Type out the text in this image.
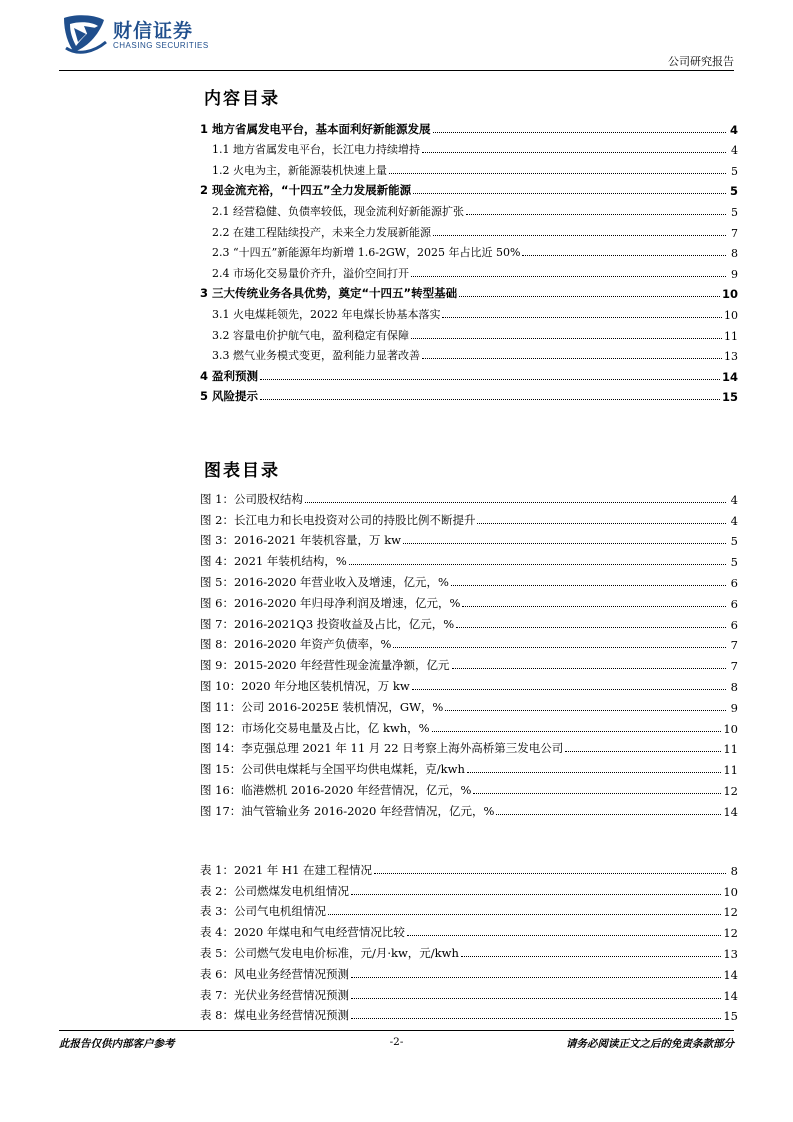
财信证券
CHASING SECURITIES
公司研究报告
内容目录
1 地方省属发电平台，基本面利好新能源发展	4
1.1 地方省属发电平台，长江电力持续增持	4
1.2 火电为主，新能源装机快速上量	5
2 现金流充裕，“十四五”全力发展新能源	5
2.1 经营稳健、负债率较低，现金流利好新能源扩张	5
2.2 在建工程陆续投产，未来全力发展新能源	7
2.3 “十四五”新能源年均新增 1.6-2GW，2025 年占比近 50%	8
2.4 市场化交易量价齐升，溢价空间打开	9
3 三大传统业务各具优势，奠定“十四五”转型基础	10
3.1 火电煤耗领先，2022 年电煤长协基本落实	10
3.2 容量电价护航气电，盈利稳定有保障	11
3.3 燃气业务模式变更，盈利能力显著改善	13
4 盈利预测	14
5 风险提示	15
图表目录
图 1：公司股权结构	4
图 2：长江电力和长电投资对公司的持股比例不断提升	4
图 3：2016-2021 年装机容量，万 kw	5
图 4：2021 年装机结构，%	5
图 5：2016-2020 年营业收入及增速，亿元，%	6
图 6：2016-2020 年归母净利润及增速，亿元，%	6
图 7：2016-2021Q3 投资收益及占比，亿元，%	6
图 8：2016-2020 年资产负债率，%	7
图 9：2015-2020 年经营性现金流量净额，亿元	7
图 10：2020 年分地区装机情况，万 kw	8
图 11：公司 2016-2025E 装机情况，GW，%	9
图 12：市场化交易电量及占比，亿 kwh，%	10
图 14：李克强总理 2021 年 11 月 22 日考察上海外高桥第三发电公司	11
图 15：公司供电煤耗与全国平均供电煤耗，克/kwh	11
图 16：临港燃机 2016-2020 年经营情况，亿元，%	12
图 17：油气管输业务 2016-2020 年经营情况，亿元，%	14
表 1：2021 年 H1 在建工程情况	8
表 2：公司燃煤发电机组情况	10
表 3：公司气电机组情况	12
表 4：2020 年煤电和气电经营情况比较	12
表 5：公司燃气发电电价标准，元/月·kw，元/kwh	13
表 6：风电业务经营情况预测	14
表 7：光伏业务经营情况预测	14
表 8：煤电业务经营情况预测	15
此报告仅供内部客户参考	-2-	请务必阅读正文之后的免责条款部分
